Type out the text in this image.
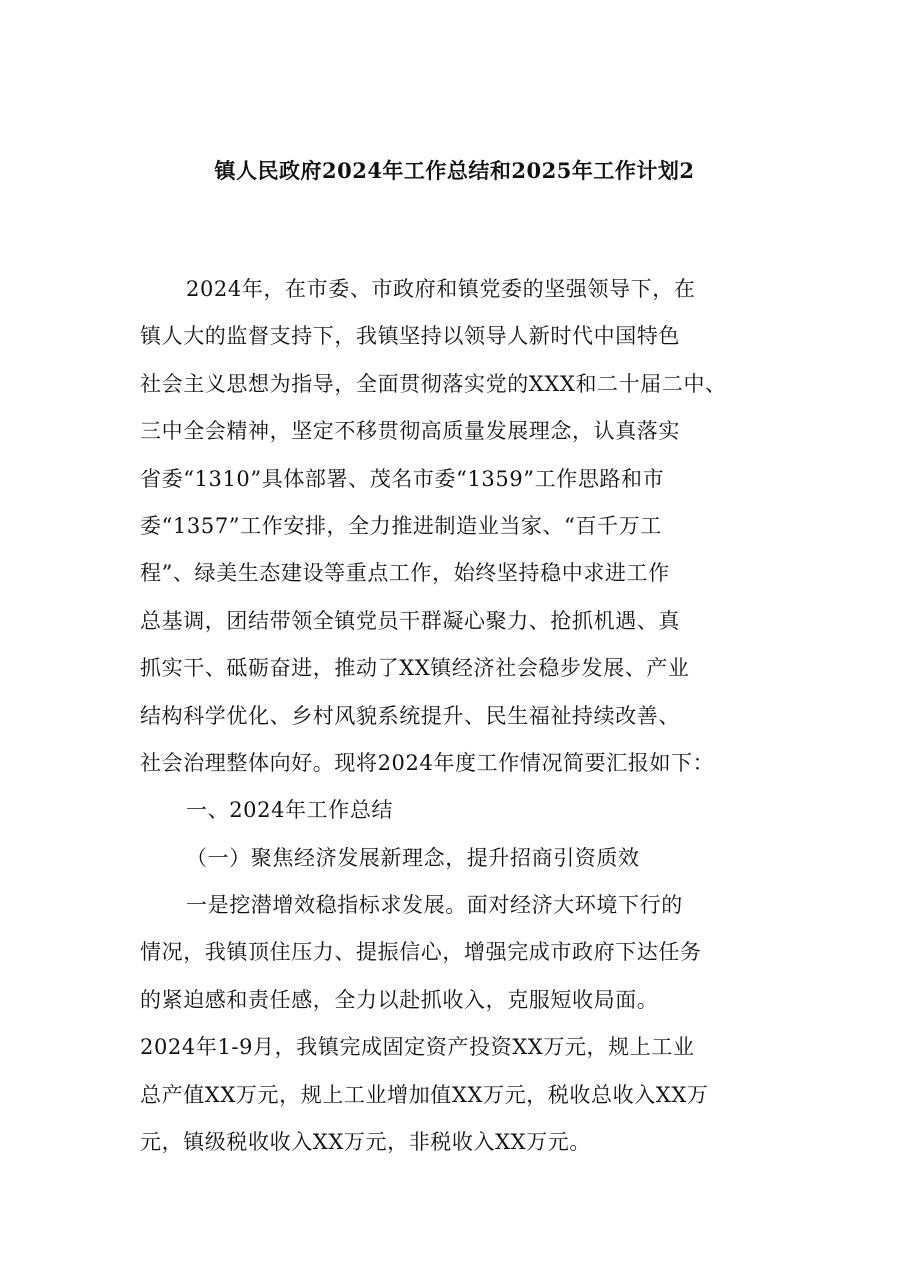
镇人民政府2024年工作总结和2025年工作计划2
2024年，在市委、市政府和镇党委的坚强领导下，在
镇人大的监督支持下，我镇坚持以领导人新时代中国特色
社会主义思想为指导，全面贯彻落实党的XXX和二十届二中、
三中全会精神，坚定不移贯彻高质量发展理念，认真落实
省委“1310”具体部署、茂名市委“1359”工作思路和市
委“1357”工作安排，全力推进制造业当家、“百千万工
程”、绿美生态建设等重点工作，始终坚持稳中求进工作
总基调，团结带领全镇党员干群凝心聚力、抢抓机遇、真
抓实干、砥砺奋进，推动了XX镇经济社会稳步发展、产业
结构科学优化、乡村风貌系统提升、民生福祉持续改善、
社会治理整体向好。现将2024年度工作情况简要汇报如下：
一、2024年工作总结
（一）聚焦经济发展新理念，提升招商引资质效
一是挖潜增效稳指标求发展。面对经济大环境下行的
情况，我镇顶住压力、提振信心，增强完成市政府下达任务
的紧迫感和责任感，全力以赴抓收入，克服短收局面。
2024年1-9月，我镇完成固定资产投资XX万元，规上工业
总产值XX万元，规上工业增加值XX万元，税收总收入XX万
元，镇级税收收入XX万元，非税收入XX万元。
